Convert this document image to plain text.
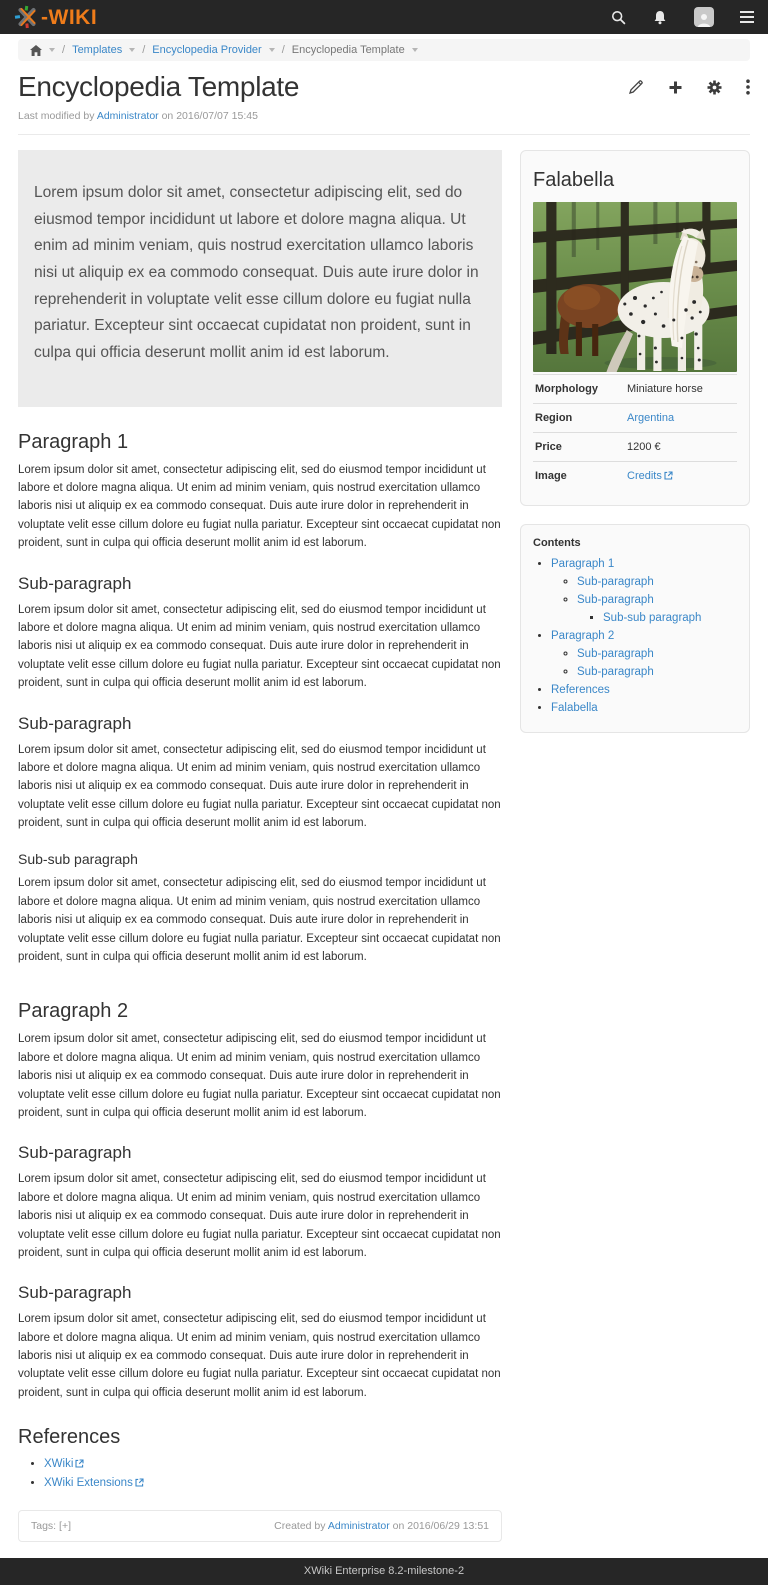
-WIKI
/ Templates / Encyclopedia Provider / Encyclopedia Template
Encyclopedia Template
Last modified by Administrator on 2016/07/07 15:45
Lorem ipsum dolor sit amet, consectetur adipiscing elit, sed do eiusmod tempor incididunt ut labore et dolore magna aliqua. Ut enim ad minim veniam, quis nostrud exercitation ullamco laboris nisi ut aliquip ex ea commodo consequat. Duis aute irure dolor in reprehenderit in voluptate velit esse cillum dolore eu fugiat nulla pariatur. Excepteur sint occaecat cupidatat non proident, sunt in culpa qui officia deserunt mollit anim id est laborum.
Paragraph 1

Lorem ipsum dolor sit amet, consectetur adipiscing elit, sed do eiusmod tempor incididunt ut labore et dolore magna aliqua. Ut enim ad minim veniam, quis nostrud exercitation ullamco laboris nisi ut aliquip ex ea commodo consequat. Duis aute irure dolor in reprehenderit in voluptate velit esse cillum dolore eu fugiat nulla pariatur. Excepteur sint occaecat cupidatat non proident, sunt in culpa qui officia deserunt mollit anim id est laborum.

Sub-paragraph

Lorem ipsum dolor sit amet, consectetur adipiscing elit, sed do eiusmod tempor incididunt ut labore et dolore magna aliqua. Ut enim ad minim veniam, quis nostrud exercitation ullamco laboris nisi ut aliquip ex ea commodo consequat. Duis aute irure dolor in reprehenderit in voluptate velit esse cillum dolore eu fugiat nulla pariatur. Excepteur sint occaecat cupidatat non proident, sunt in culpa qui officia deserunt mollit anim id est laborum.

Sub-paragraph

Lorem ipsum dolor sit amet, consectetur adipiscing elit, sed do eiusmod tempor incididunt ut labore et dolore magna aliqua. Ut enim ad minim veniam, quis nostrud exercitation ullamco laboris nisi ut aliquip ex ea commodo consequat. Duis aute irure dolor in reprehenderit in voluptate velit esse cillum dolore eu fugiat nulla pariatur. Excepteur sint occaecat cupidatat non proident, sunt in culpa qui officia deserunt mollit anim id est laborum.

Sub-sub paragraph

Lorem ipsum dolor sit amet, consectetur adipiscing elit, sed do eiusmod tempor incididunt ut labore et dolore magna aliqua. Ut enim ad minim veniam, quis nostrud exercitation ullamco laboris nisi ut aliquip ex ea commodo consequat. Duis aute irure dolor in reprehenderit in voluptate velit esse cillum dolore eu fugiat nulla pariatur. Excepteur sint occaecat cupidatat non proident, sunt in culpa qui officia deserunt mollit anim id est laborum.

Paragraph 2

Lorem ipsum dolor sit amet, consectetur adipiscing elit, sed do eiusmod tempor incididunt ut labore et dolore magna aliqua. Ut enim ad minim veniam, quis nostrud exercitation ullamco laboris nisi ut aliquip ex ea commodo consequat. Duis aute irure dolor in reprehenderit in voluptate velit esse cillum dolore eu fugiat nulla pariatur. Excepteur sint occaecat cupidatat non proident, sunt in culpa qui officia deserunt mollit anim id est laborum.

Sub-paragraph

Lorem ipsum dolor sit amet, consectetur adipiscing elit, sed do eiusmod tempor incididunt ut labore et dolore magna aliqua. Ut enim ad minim veniam, quis nostrud exercitation ullamco laboris nisi ut aliquip ex ea commodo consequat. Duis aute irure dolor in reprehenderit in voluptate velit esse cillum dolore eu fugiat nulla pariatur. Excepteur sint occaecat cupidatat non proident, sunt in culpa qui officia deserunt mollit anim id est laborum.

Sub-paragraph

Lorem ipsum dolor sit amet, consectetur adipiscing elit, sed do eiusmod tempor incididunt ut labore et dolore magna aliqua. Ut enim ad minim veniam, quis nostrud exercitation ullamco laboris nisi ut aliquip ex ea commodo consequat. Duis aute irure dolor in reprehenderit in voluptate velit esse cillum dolore eu fugiat nulla pariatur. Excepteur sint occaecat cupidatat non proident, sunt in culpa qui officia deserunt mollit anim id est laborum.

References
• XWiki
• XWiki Extensions
Tags: [+]	Created by Administrator on 2016/06/29 13:51
Falabella
Morphology	Miniature horse
Region	Argentina
Price	1200 €
Image	Credits
Contents
• Paragraph 1
◦ Sub-paragraph
◦ Sub-paragraph
▪ Sub-sub paragraph
• Paragraph 2
◦ Sub-paragraph
◦ Sub-paragraph
• References
• Falabella
XWiki Enterprise 8.2-milestone-2
